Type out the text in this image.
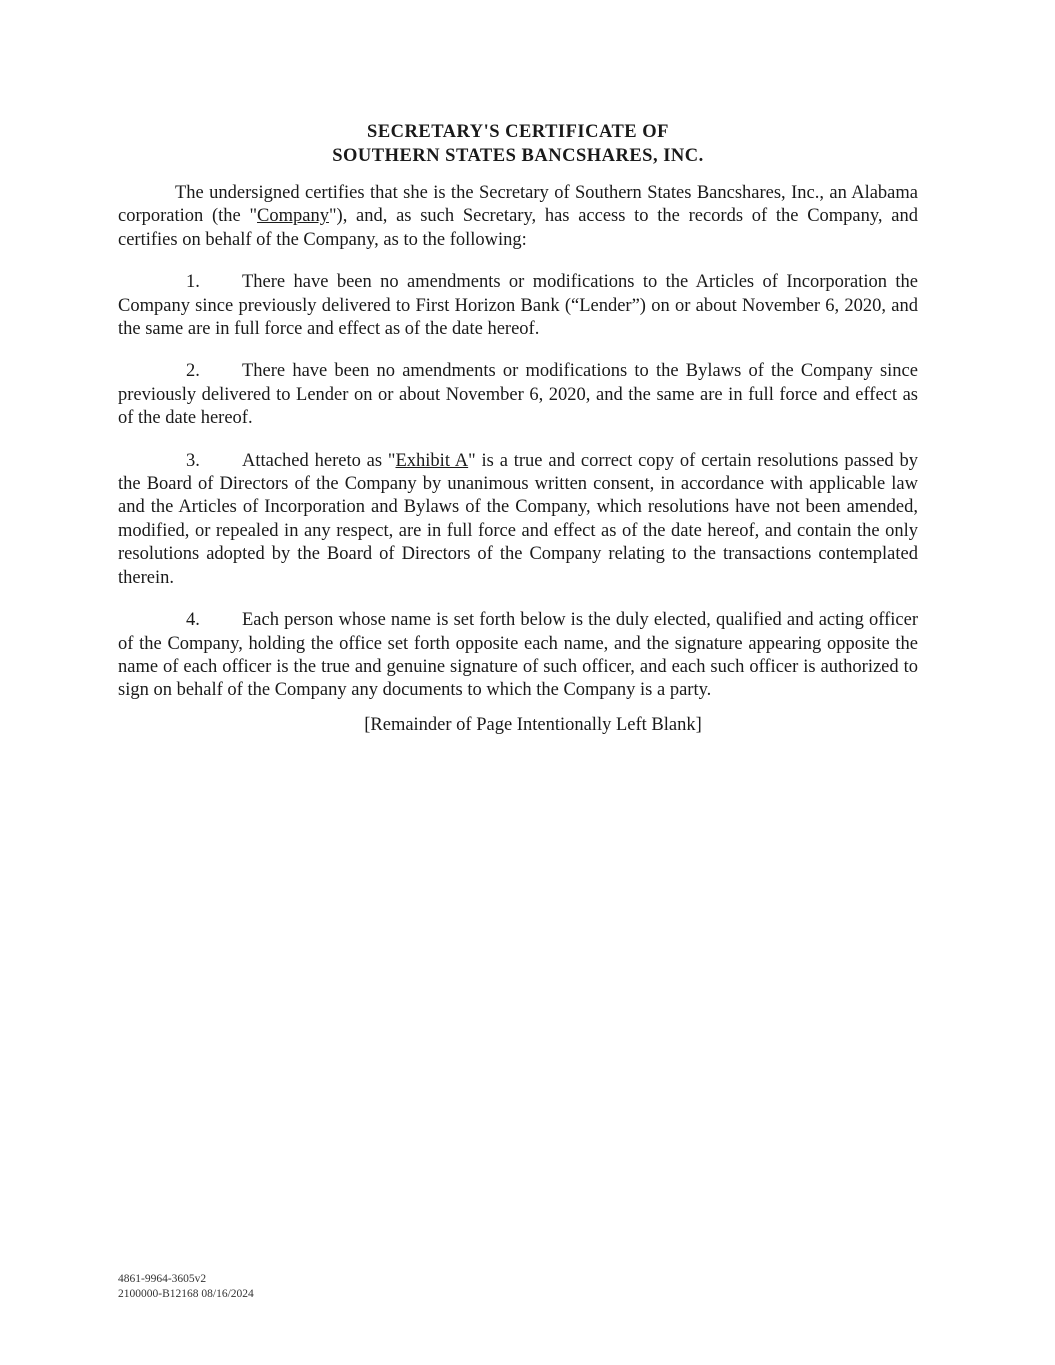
SECRETARY'S CERTIFICATE OF
SOUTHERN STATES BANCSHARES, INC.

The undersigned certifies that she is the Secretary of Southern States Bancshares, Inc., an Alabama corporation (the "Company"), and, as such Secretary, has access to the records of the Company, and certifies on behalf of the Company, as to the following:

1. There have been no amendments or modifications to the Articles of Incorporation the Company since previously delivered to First Horizon Bank (“Lender”) on or about November 6, 2020, and the same are in full force and effect as of the date hereof.

2. There have been no amendments or modifications to the Bylaws of the Company since previously delivered to Lender on or about November 6, 2020, and the same are in full force and effect as of the date hereof.

3. Attached hereto as "Exhibit A" is a true and correct copy of certain resolutions passed by the Board of Directors of the Company by unanimous written consent, in accordance with applicable law and the Articles of Incorporation and Bylaws of the Company, which resolutions have not been amended, modified, or repealed in any respect, are in full force and effect as of the date hereof, and contain the only resolutions adopted by the Board of Directors of the Company relating to the transactions contemplated therein.

4. Each person whose name is set forth below is the duly elected, qualified and acting officer of the Company, holding the office set forth opposite each name, and the signature appearing opposite the name of each officer is the true and genuine signature of such officer, and each such officer is authorized to sign on behalf of the Company any documents to which the Company is a party.

[Remainder of Page Intentionally Left Blank]

4861-9964-3605v2
2100000-B12168 08/16/2024
